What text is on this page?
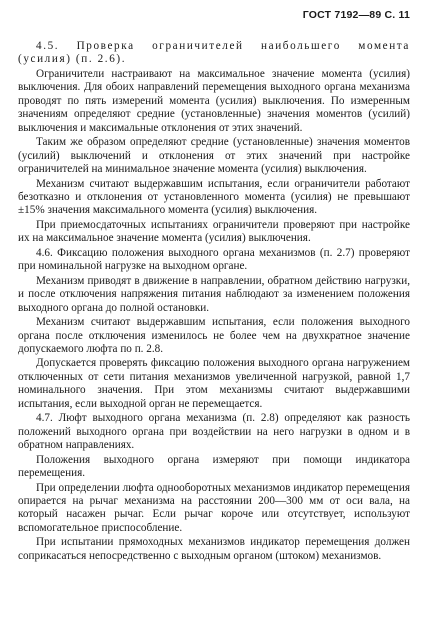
ГОСТ 7192—89 С. 11

4.5. Проверка ограничителей наибольшего момента (усилия) (п. 2.6).

Ограничители настраивают на максимальное значение момента (усилия) выключения. Для обоих направлений перемещения выходного органа механизма проводят по пять измерений момента (усилия) выключения. По измеренным значениям определяют средние (установленные) значения моментов (усилий) выключения и максимальные отклонения от этих значений.

Таким же образом определяют средние (установленные) значения моментов (усилий) выключений и отклонения от этих значений при настройке ограничителей на минимальное значение момента (усилия) выключения.

Механизм считают выдержавшим испытания, если ограничители работают безотказно и отклонения от установленного момента (усилия) не превышают ±15% значения максимального момента (усилия) выключения.

При приемосдаточных испытаниях ограничители проверяют при настройке их на максимальное значение момента (усилия) выключения.

4.6. Фиксацию положения выходного органа механизмов (п. 2.7) проверяют при номинальной нагрузке на выходном органе.

Механизм приводят в движение в направлении, обратном действию нагрузки, и после отключения напряжения питания наблюдают за изменением положения выходного органа до полной остановки.

Механизм считают выдержавшим испытания, если положения выходного органа после отключения изменилось не более чем на двухкратное значение допускаемого люфта по п. 2.8.

Допускается проверять фиксацию положения выходного органа нагружением отключенных от сети питания механизмов увеличенной нагрузкой, равной 1,7 номинального значения. При этом механизмы считают выдержавшими испытания, если выходной орган не перемещается.

4.7. Люфт выходного органа механизма (п. 2.8) определяют как разность положений выходного органа при воздействии на него нагрузки в одном и в обратном направлениях.

Положения выходного органа измеряют при помощи индикатора перемещения.

При определении люфта однооборотных механизмов индикатор перемещения опирается на рычаг механизма на расстоянии 200—300 мм от оси вала, на который насажен рычаг. Если рычаг короче или отсутствует, используют вспомогательное приспособление.

При испытании прямоходных механизмов индикатор перемещения должен соприкасаться непосредственно с выходным органом (штоком) механизмов.
